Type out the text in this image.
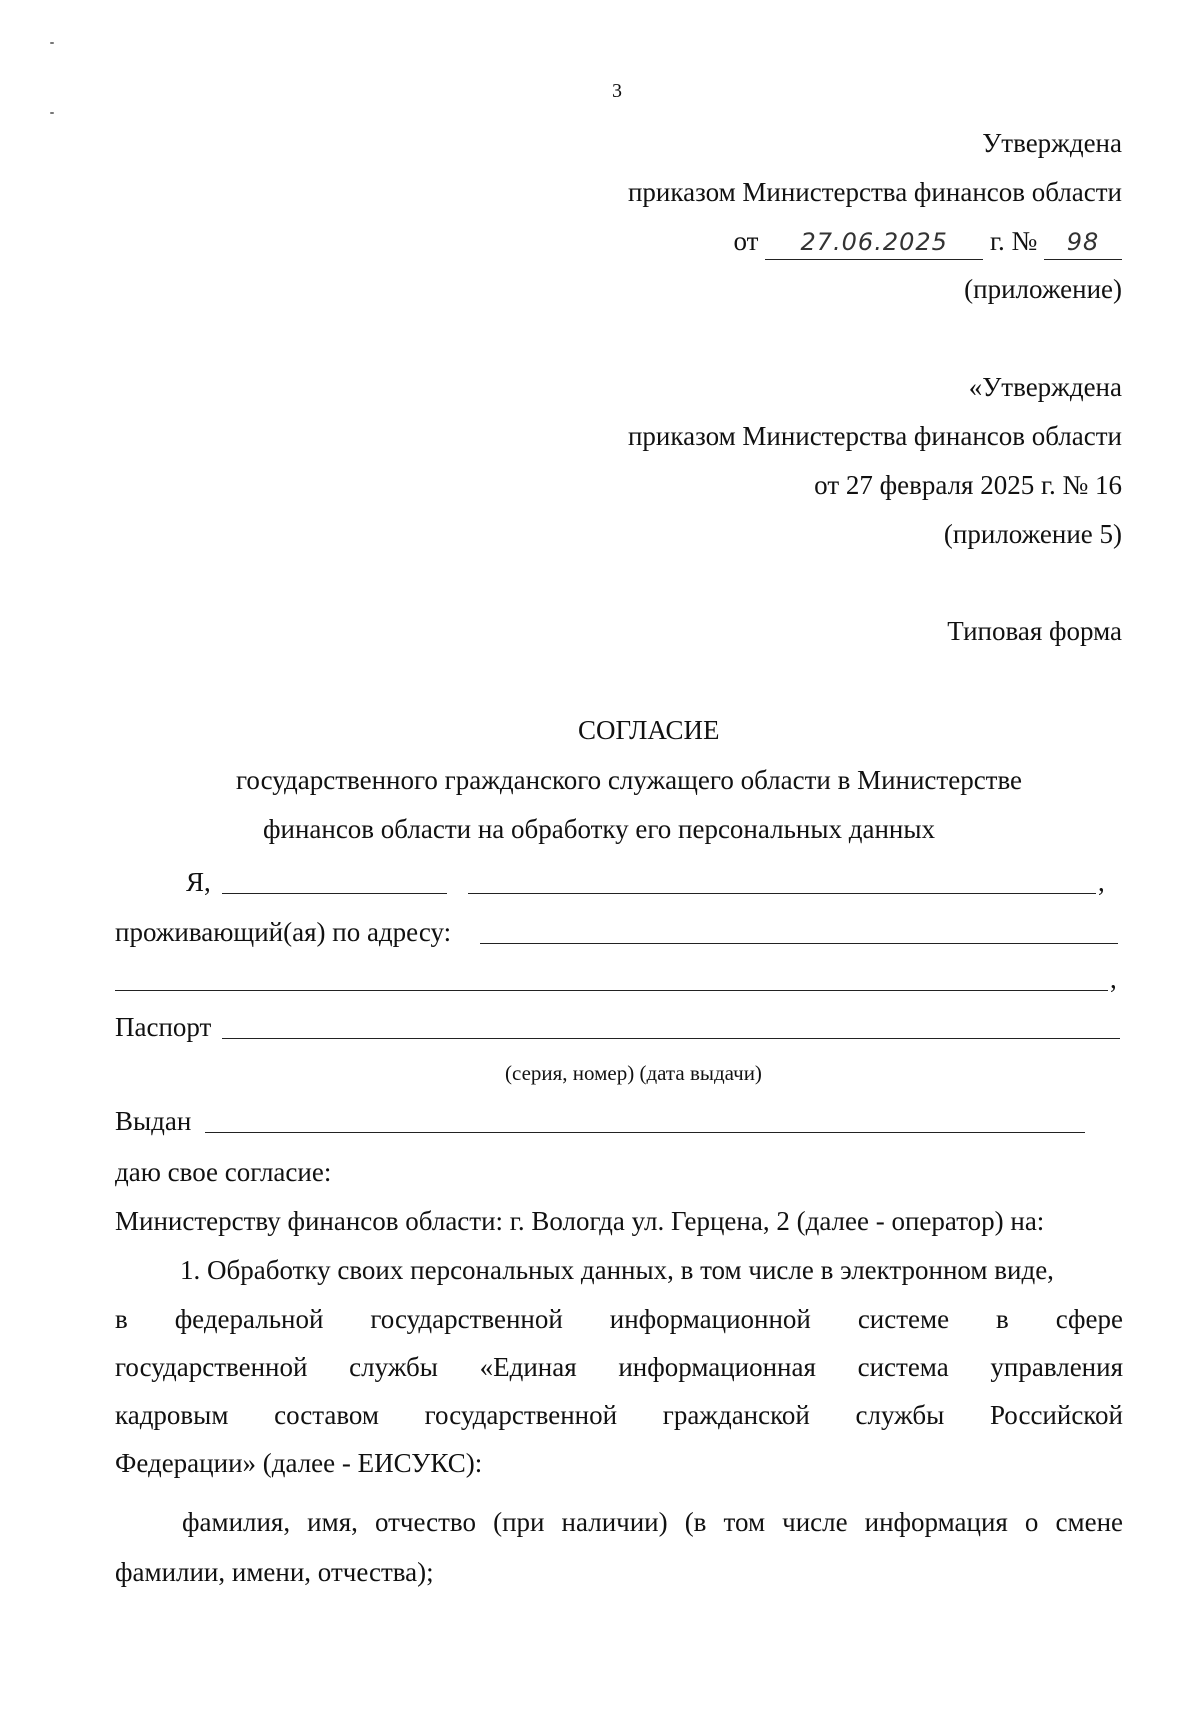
3
Утверждена
приказом Министерства финансов области
от 27.06.2025 г. № 98
(приложение)
«Утверждена
приказом Министерства финансов области
от 27 февраля 2025 г. № 16
(приложение 5)
Типовая форма
СОГЛАСИЕ
государственного гражданского служащего области в Министерстве
финансов области на обработку его персональных данных
Я,	,
проживающий(ая) по адресу:
,
Паспорт
(серия, номер) (дата выдачи)
Выдан
даю свое согласие:
Министерству финансов области: г. Вологда ул. Герцена, 2 (далее - оператор) на:
1. Обработку своих персональных данных, в том числе в электронном виде,
в федеральной государственной информационной системе в сфере
государственной службы «Единая информационная система управления
кадровым составом государственной гражданской службы Российской
Федерации» (далее - ЕИСУКС):
фамилия, имя, отчество (при наличии) (в том числе информация о смене
фамилии, имени, отчества);
